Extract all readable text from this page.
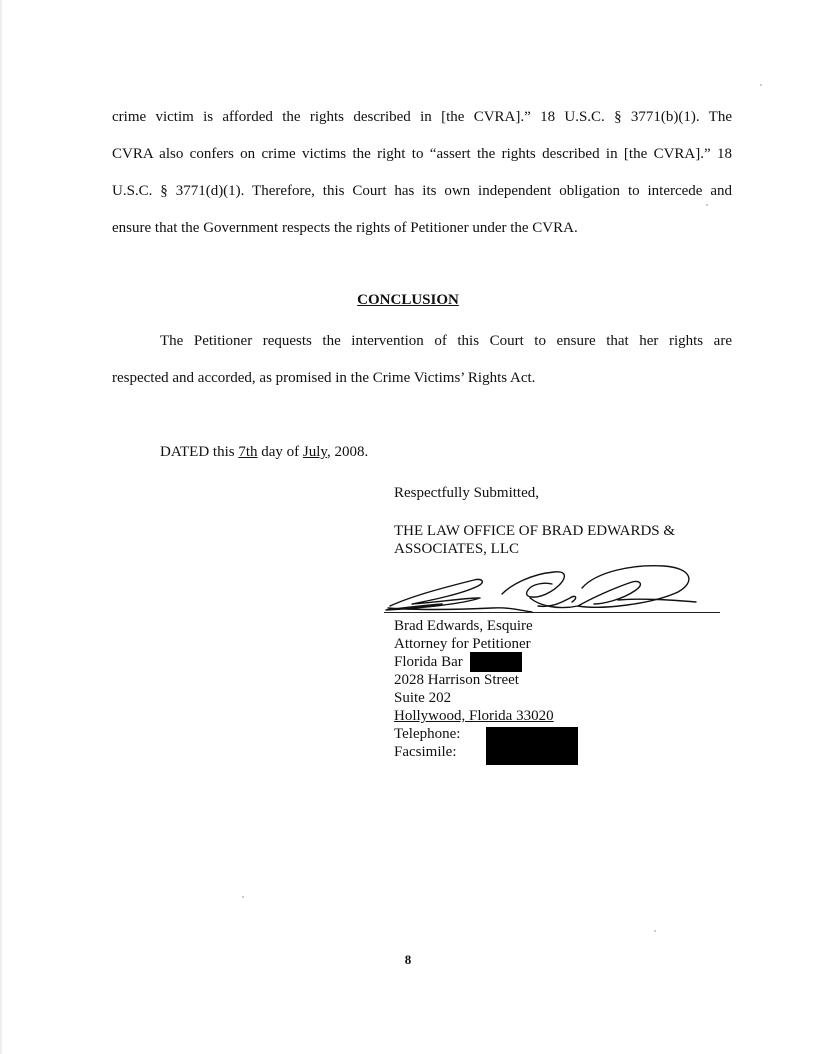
crime victim is afforded the rights described in [the CVRA].” 18 U.S.C. § 3771(b)(1). The
CVRA also confers on crime victims the right to “assert the rights described in [the CVRA].” 18
U.S.C. § 3771(d)(1). Therefore, this Court has its own independent obligation to intercede and
ensure that the Government respects the rights of Petitioner under the CVRA.

CONCLUSION

The Petitioner requests the intervention of this Court to ensure that her rights are
respected and accorded, as promised in the Crime Victims’ Rights Act.

DATED this 7th day of July, 2008.

Respectfully Submitted,

THE LAW OFFICE OF BRAD EDWARDS &

ASSOCIATES, LLC

Brad Edwards, Esquire

Attorney for Petitioner

Florida Bar

2028 Harrison Street

Suite 202

Hollywood, Florida 33020

Telephone:

Facsimile:

8
